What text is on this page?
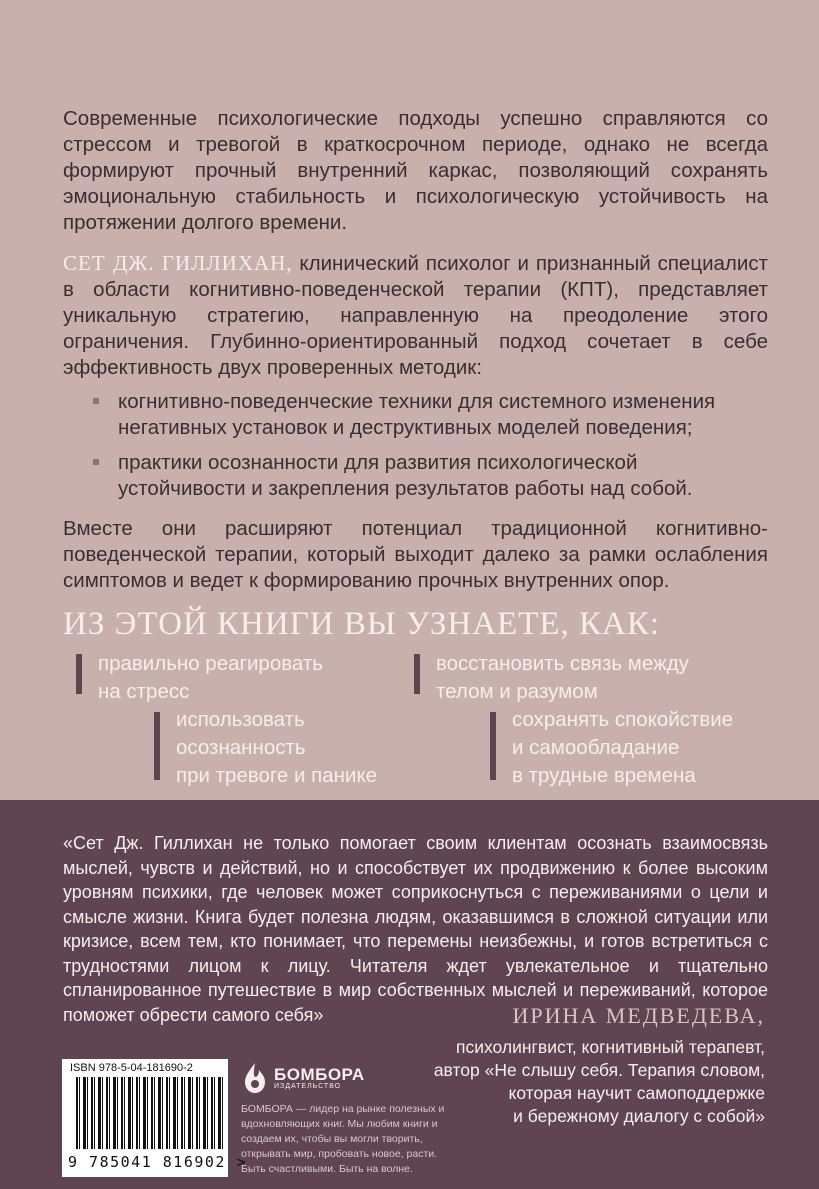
Современные психологические подходы успешно справляются со стрессом и тревогой в краткосрочном периоде, однако не всегда формируют прочный внутренний каркас, позволяющий сохранять эмоциональную стабильность и психологическую устойчивость на протяжении долгого времени.
СЕТ ДЖ. ГИЛЛИХАН, клинический психолог и признанный специалист в области когнитивно-поведенческой терапии (КПТ), представляет уникальную стратегию, направленную на преодоление этого ограничения. Глубинно-ориентированный подход сочетает в себе эффективность двух проверенных методик:
когнитивно-поведенческие техники для системного изменения негативных установок и деструктивных моделей поведения;
практики осознанности для развития психологической устойчивости и закрепления результатов работы над собой.
Вместе они расширяют потенциал традиционной когнитивно-поведенческой терапии, который выходит далеко за рамки ослабления симптомов и ведет к формированию прочных внутренних опор.
ИЗ ЭТОЙ КНИГИ ВЫ УЗНАЕТЕ, КАК:
правильно реагировать
на стресс
восстановить связь между
телом и разумом
использовать
осознанность
при тревоге и панике
сохранять спокойствие
и самообладание
в трудные времена
«Сет Дж. Гиллихан не только помогает своим клиентам осознать взаимосвязь мыслей, чувств и действий, но и способствует их продвижению к более высоким уровням психики, где человек может соприкоснуться с переживаниями о цели и смысле жизни. Книга будет полезна людям, оказавшимся в сложной ситуации или кризисе, всем тем, кто понимает, что перемены неизбежны, и готов встретиться с трудностями лицом к лицу. Читателя ждет увлекательное и тщательно спланированное путешествие в мир собственных мыслей и переживаний, которое поможет обрести самого себя»	ИРИНА МЕДВЕДЕВА,
психолингвист, когнитивный терапевт,
автор «Не слышу себя. Терапия словом,
которая научит самоподдержке
и бережному диалогу с собой»
ISBN 978-5-04-181690-2
9 785041 816902 >
БОМБОРА
ИЗДАТЕЛЬСТВО
БОМБОРА — лидер на рынке полезных и вдохновляющих книг. Мы любим книги и создаем их, чтобы вы могли творить, открывать мир, пробовать новое, расти. Быть счастливыми. Быть на волне.
